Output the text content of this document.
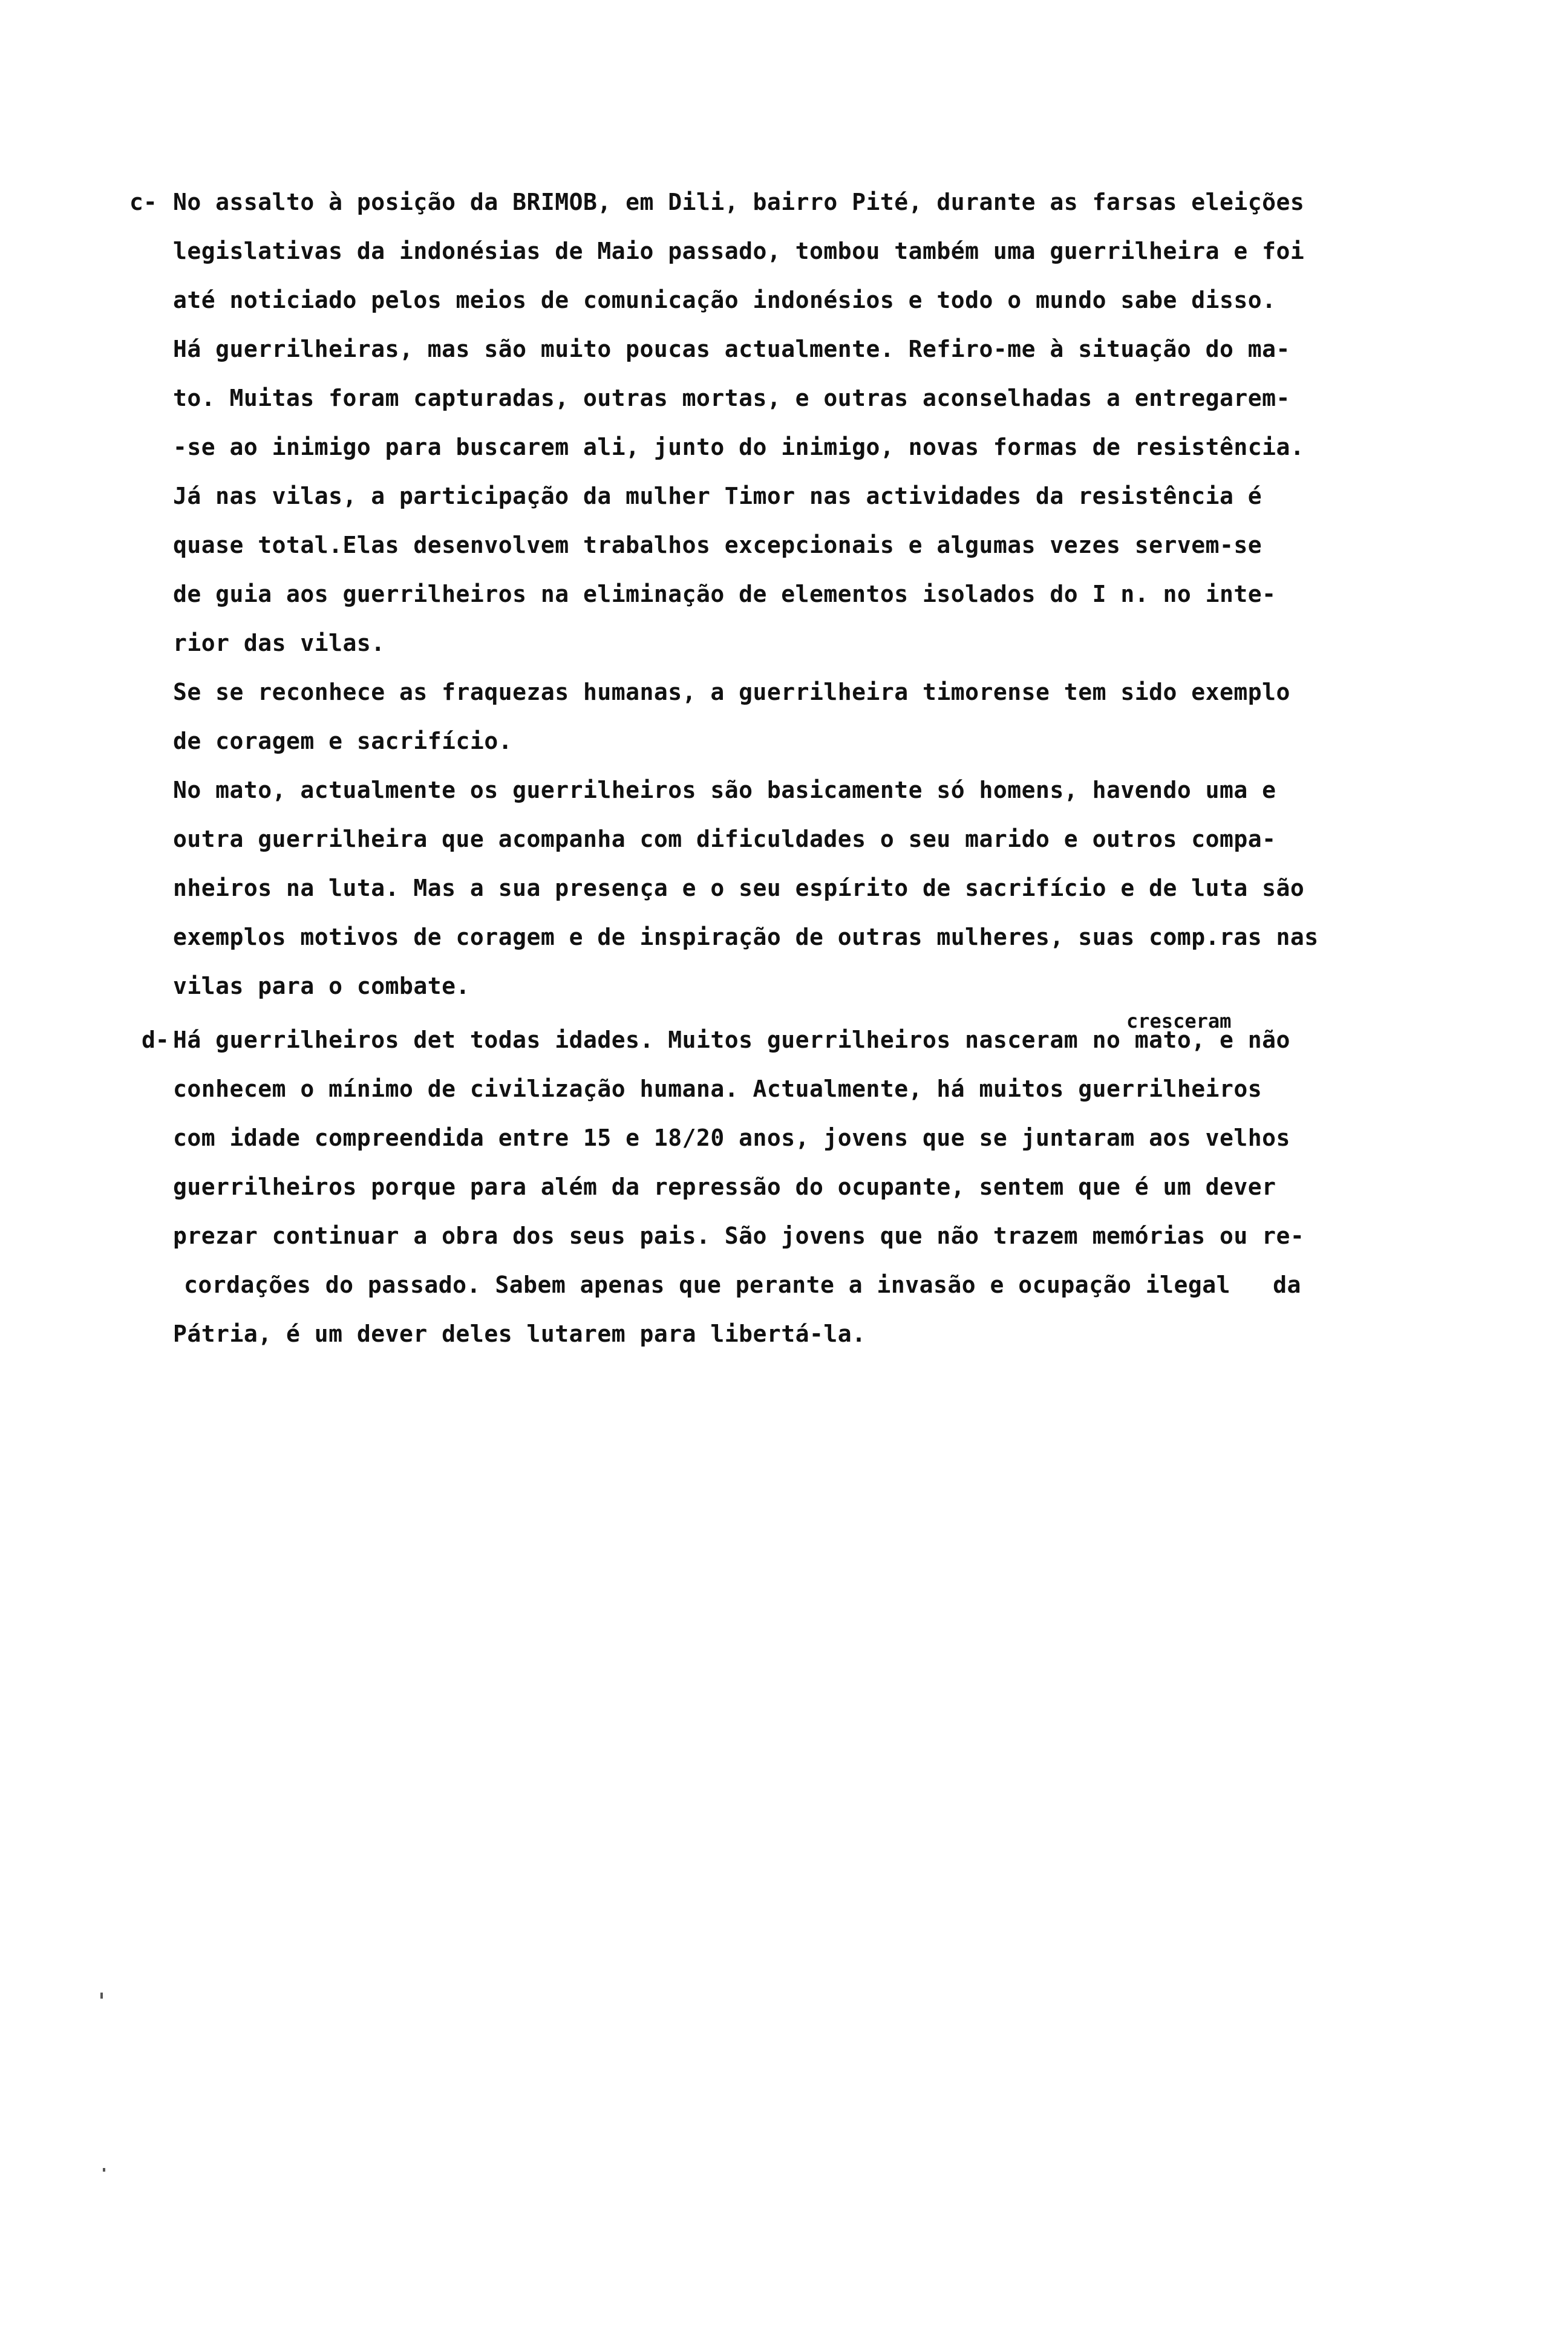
c- No assalto à posição da BRIMOB, em Dili, bairro Pité, durante as farsas eleições
legislativas da indonésias de Maio passado, tombou também uma guerrilheira e foi
até noticiado pelos meios de comunicação indonésios e todo o mundo sabe disso.
Há guerrilheiras, mas são muito poucas actualmente. Refiro-me à situação do ma-
to. Muitas foram capturadas, outras mortas, e outras aconselhadas a entregarem-
-se ao inimigo para buscarem ali, junto do inimigo, novas formas de resistência.
Já nas vilas, a participação da mulher Timor nas actividades da resistência é
quase total.Elas desenvolvem trabalhos excepcionais e algumas vezes servem-se
de guia aos guerrilheiros na eliminação de elementos isolados do I n. no inte-
rior das vilas.
Se se reconhece as fraquezas humanas, a guerrilheira timorense tem sido exemplo
de coragem e sacrifício.
No mato, actualmente os guerrilheiros são basicamente só homens, havendo uma e
outra guerrilheira que acompanha com dificuldades o seu marido e outros compa-
nheiros na luta. Mas a sua presença e o seu espírito de sacrifício e de luta são
exemplos motivos de coragem e de inspiração de outras mulheres, suas comp.ras nas
vilas para o combate.
cresceram
d- Há guerrilheiros det todas idades. Muitos guerrilheiros nasceram no mato, e não
conhecem o mínimo de civilização humana. Actualmente, há muitos guerrilheiros
com idade compreendida entre 15 e 18/20 anos, jovens que se juntaram aos velhos
guerrilheiros porque para além da repressão do ocupante, sentem que é um dever
prezar continuar a obra dos seus pais. São jovens que não trazem memórias ou re-
cordações do passado. Sabem apenas que perante a invasão e ocupação ilegal   da
Pátria, é um dever deles lutarem para libertá-la.
